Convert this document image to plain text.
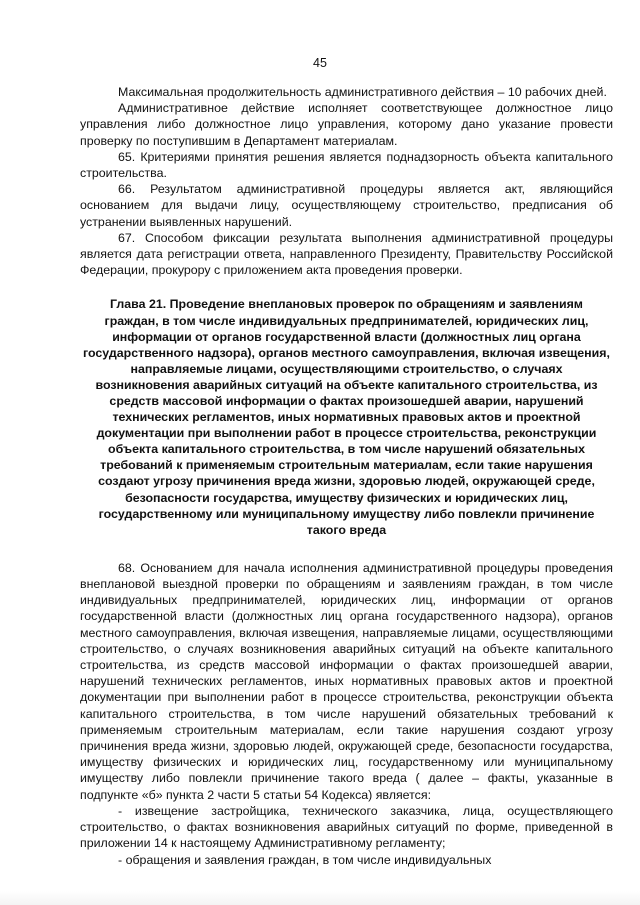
45

Максимальная продолжительность административного действия – 10 рабочих дней.

Административное действие исполняет соответствующее должностное лицо управления либо должностное лицо управления, которому дано указание провести проверку по поступившим в Департамент материалам.

65. Критериями принятия решения является поднадзорность объекта капитального строительства.

66. Результатом административной процедуры является акт, являющийся основанием для выдачи лицу, осуществляющему строительство, предписания об устранении выявленных нарушений.

67. Способом фиксации результата выполнения административной процедуры является дата регистрации ответа, направленного Президенту, Правительству Российской Федерации, прокурору с приложением акта проведения проверки.

Глава 21. Проведение внеплановых проверок по обращениям и заявлениям граждан, в том числе индивидуальных предпринимателей, юридических лиц, информации от органов государственной власти (должностных лиц органа государственного надзора), органов местного самоуправления, включая извещения, направляемые лицами, осуществляющими строительство, о случаях возникновения аварийных ситуаций на объекте капитального строительства, из средств массовой информации о фактах произошедшей аварии, нарушений технических регламентов, иных нормативных правовых актов и проектной документации при выполнении работ в процессе строительства, реконструкции объекта капитального строительства, в том числе нарушений обязательных требований к применяемым строительным материалам, если такие нарушения создают угрозу причинения вреда жизни, здоровью людей, окружающей среде, безопасности государства, имуществу физических и юридических лиц, государственному или муниципальному имуществу либо повлекли причинение такого вреда

68. Основанием для начала исполнения административной процедуры проведения внеплановой выездной проверки по обращениям и заявлениям граждан, в том числе индивидуальных предпринимателей, юридических лиц, информации от органов государственной власти (должностных лиц органа государственного надзора), органов местного самоуправления, включая извещения, направляемые лицами, осуществляющими строительство, о случаях возникновения аварийных ситуаций на объекте капитального строительства, из средств массовой информации о фактах произошедшей аварии, нарушений технических регламентов, иных нормативных правовых актов и проектной документации при выполнении работ в процессе строительства, реконструкции объекта капитального строительства, в том числе нарушений обязательных требований к применяемым строительным материалам, если такие нарушения создают угрозу причинения вреда жизни, здоровью людей, окружающей среде, безопасности государства, имуществу физических и юридических лиц, государственному или муниципальному имуществу либо повлекли причинение такого вреда ( далее – факты, указанные в подпункте «б» пункта 2 части 5 статьи 54 Кодекса) является:

- извещение застройщика, технического заказчика, лица, осуществляющего строительство, о фактах возникновения аварийных ситуаций по форме, приведенной в приложении 14 к настоящему Административному регламенту;

- обращения и заявления граждан, в том числе индивидуальных
